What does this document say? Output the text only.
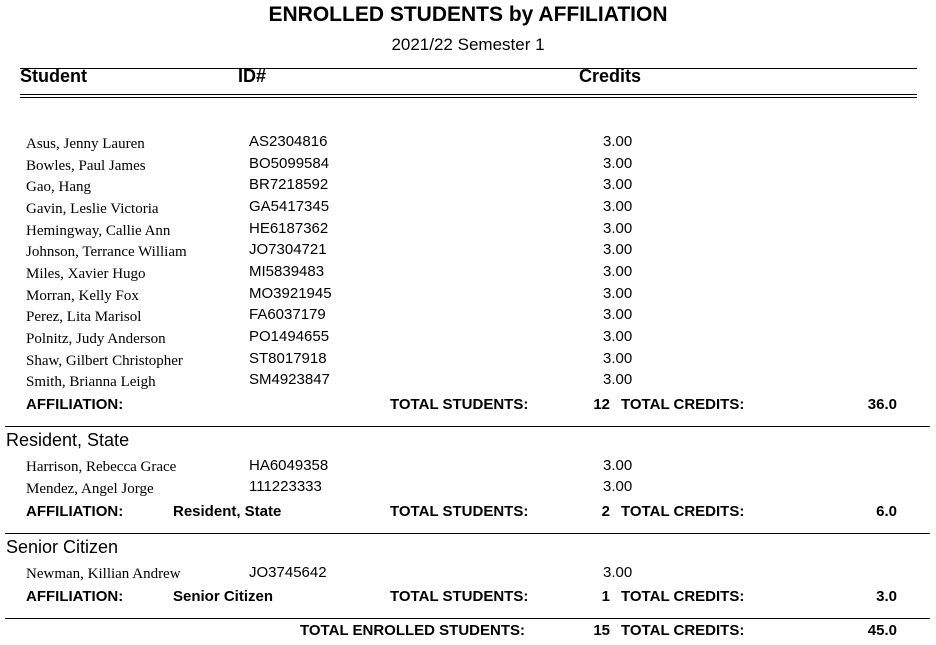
ENROLLED STUDENTS by AFFILIATION
2021/22 Semester 1
Student	ID#	Credits
Asus, Jenny Lauren	AS2304816	3.00
Bowles, Paul James	BO5099584	3.00
Gao, Hang	BR7218592	3.00
Gavin, Leslie Victoria	GA5417345	3.00
Hemingway, Callie Ann	HE6187362	3.00
Johnson, Terrance William	JO7304721	3.00
Miles, Xavier Hugo	MI5839483	3.00
Morran, Kelly Fox	MO3921945	3.00
Perez, Lita Marisol	FA6037179	3.00
Polnitz, Judy Anderson	PO1494655	3.00
Shaw, Gilbert Christopher	ST8017918	3.00
Smith, Brianna Leigh	SM4923847	3.00
AFFILIATION:	TOTAL STUDENTS:	12 TOTAL CREDITS:	36.0
Resident, State
Harrison, Rebecca Grace	HA6049358	3.00
Mendez, Angel Jorge	111223333	3.00
AFFILIATION:	Resident, State	TOTAL STUDENTS:	2 TOTAL CREDITS:	6.0
Senior Citizen
Newman, Killian Andrew	JO3745642	3.00
AFFILIATION:	Senior Citizen	TOTAL STUDENTS:	1 TOTAL CREDITS:	3.0
TOTAL ENROLLED STUDENTS:	15 TOTAL CREDITS:	45.0
